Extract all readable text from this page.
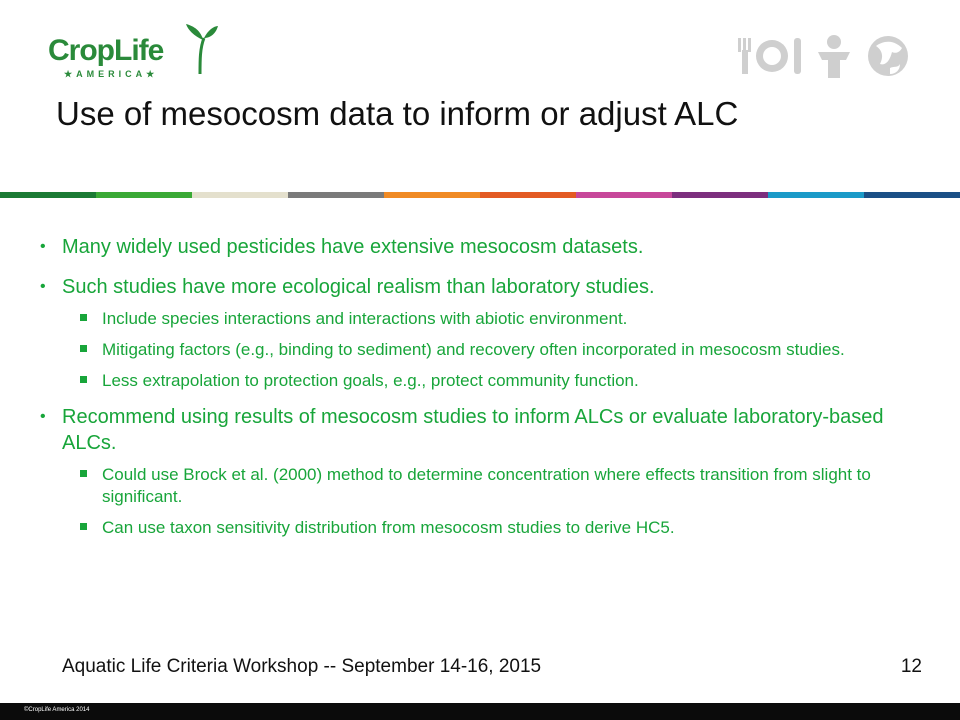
CropLife
★AMERICA★
Use of mesocosm data to inform or adjust ALC
• Many widely used pesticides have extensive mesocosm datasets.
• Such studies have more ecological realism than laboratory studies.
Include species interactions and interactions with abiotic environment.
Mitigating factors (e.g., binding to sediment) and recovery often incorporated in mesocosm studies.
Less extrapolation to protection goals, e.g., protect community function.
• Recommend using results of mesocosm studies to inform ALCs or evaluate laboratory-based ALCs.
Could use Brock et al. (2000) method to determine concentration where effects transition from slight to significant.
Can use taxon sensitivity distribution from mesocosm studies to derive HC5.
Aquatic Life Criteria Workshop -- September 14-16, 2015	12
©CropLife America 2014
